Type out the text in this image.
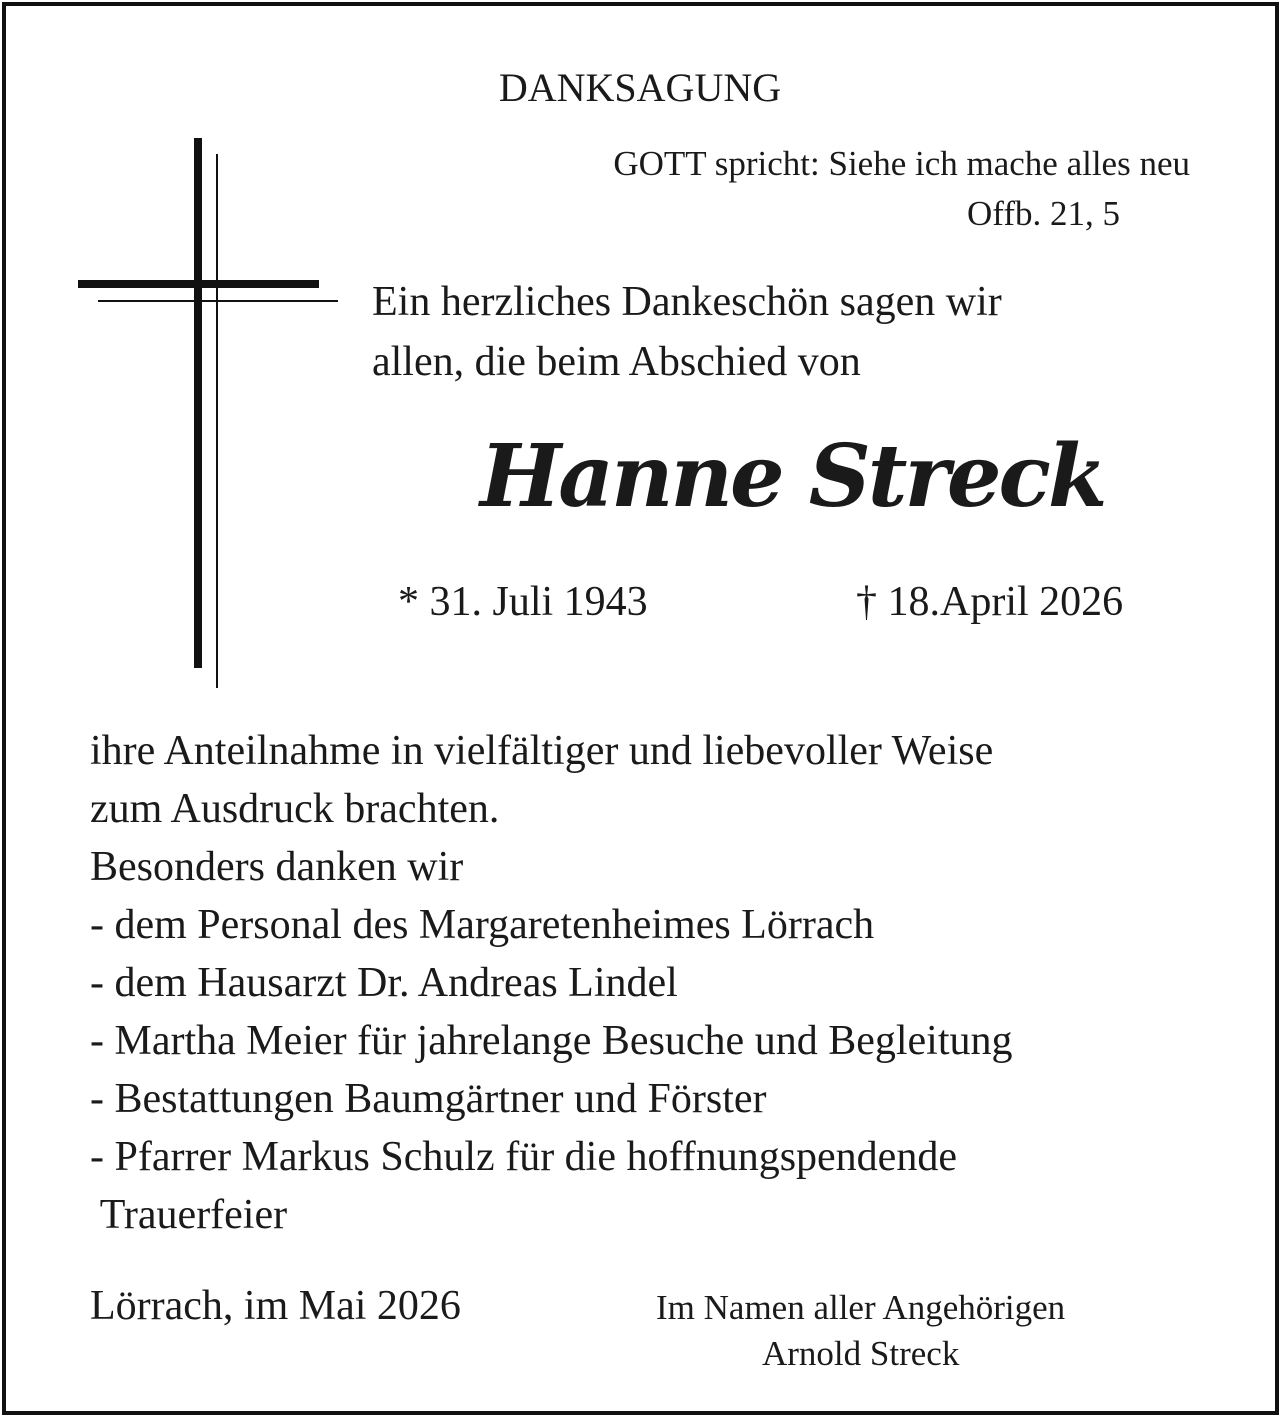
DANKSAGUNG
GOTT spricht: Siehe ich mache alles neu
Offb. 21, 5
Ein herzliches Dankeschön sagen wir
allen, die beim Abschied von
Hanne Streck
* 31. Juli 1943	† 18.April 2026
ihre Anteilnahme in vielfältiger und liebevoller Weise
zum Ausdruck brachten.
Besonders danken wir
- dem Personal des Margaretenheimes Lörrach
- dem Hausarzt Dr. Andreas Lindel
- Martha Meier für jahrelange Besuche und Begleitung
- Bestattungen Baumgärtner und Förster
- Pfarrer Markus Schulz für die hoffnungspendende
Trauerfeier
Lörrach, im Mai 2026	Im Namen aller Angehörigen
Arnold Streck
